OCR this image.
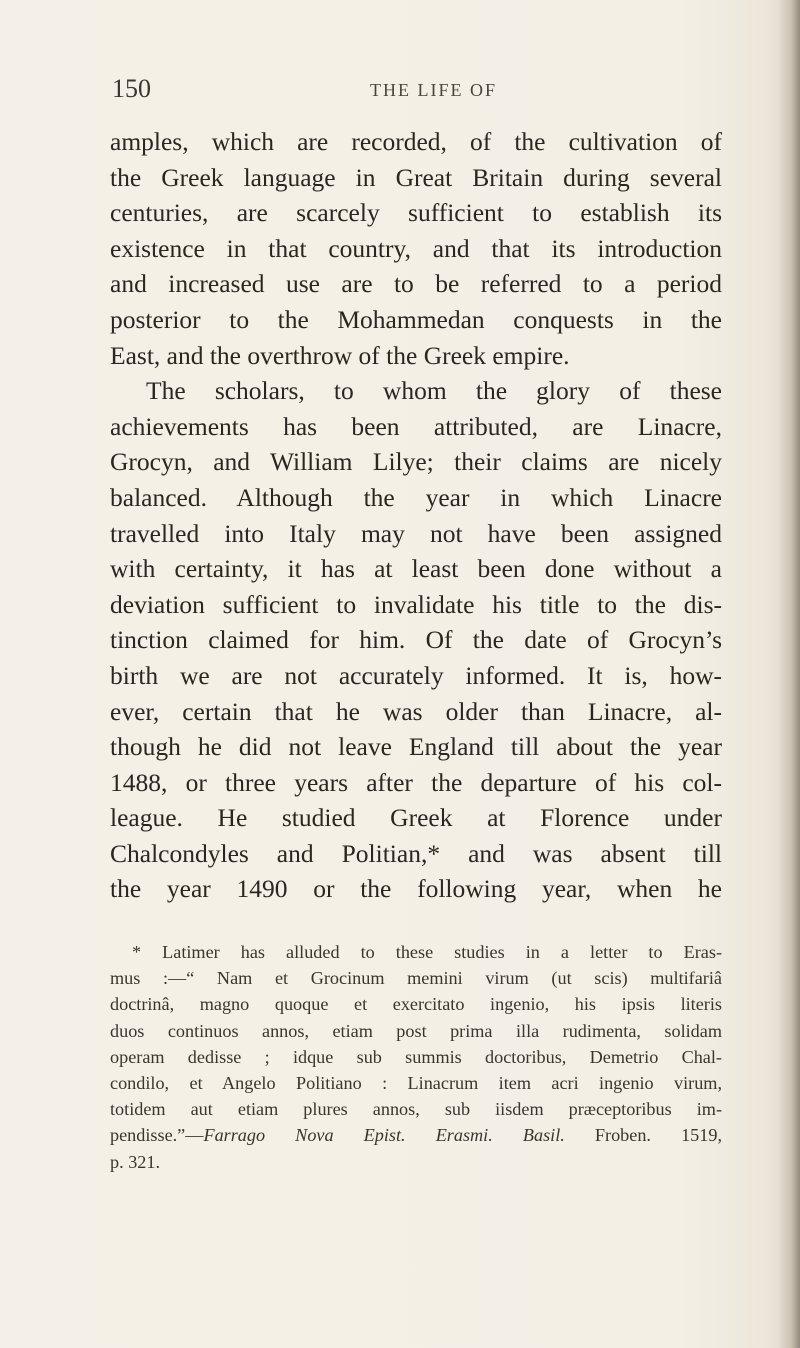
150	THE LIFE OF
amples, which are recorded, of the cultivation of
the Greek language in Great Britain during several
centuries, are scarcely sufficient to establish its
existence in that country, and that its introduction
and increased use are to be referred to a period
posterior to the Mohammedan conquests in the
East, and the overthrow of the Greek empire.
The scholars, to whom the glory of these
achievements has been attributed, are Linacre,
Grocyn, and William Lilye; their claims are nicely
balanced. Although the year in which Linacre
travelled into Italy may not have been assigned
with certainty, it has at least been done without a
deviation sufficient to invalidate his title to the dis-
tinction claimed for him. Of the date of Grocyn’s
birth we are not accurately informed. It is, how-
ever, certain that he was older than Linacre, al-
though he did not leave England till about the year
1488, or three years after the departure of his col-
league. He studied Greek at Florence under
Chalcondyles and Politian,* and was absent till
the year 1490 or the following year, when he
* Latimer has alluded to these studies in a letter to Eras-
mus :—“ Nam et Grocinum memini virum (ut scis) multifariâ
doctrinâ, magno quoque et exercitato ingenio, his ipsis literis
duos continuos annos, etiam post prima illa rudimenta, solidam
operam dedisse ; idque sub summis doctoribus, Demetrio Chal-
condilo, et Angelo Politiano : Linacrum item acri ingenio virum,
totidem aut etiam plures annos, sub iisdem præceptoribus im-
pendisse.”—Farrago Nova Epist. Erasmi. Basil. Froben. 1519,
p. 321.
